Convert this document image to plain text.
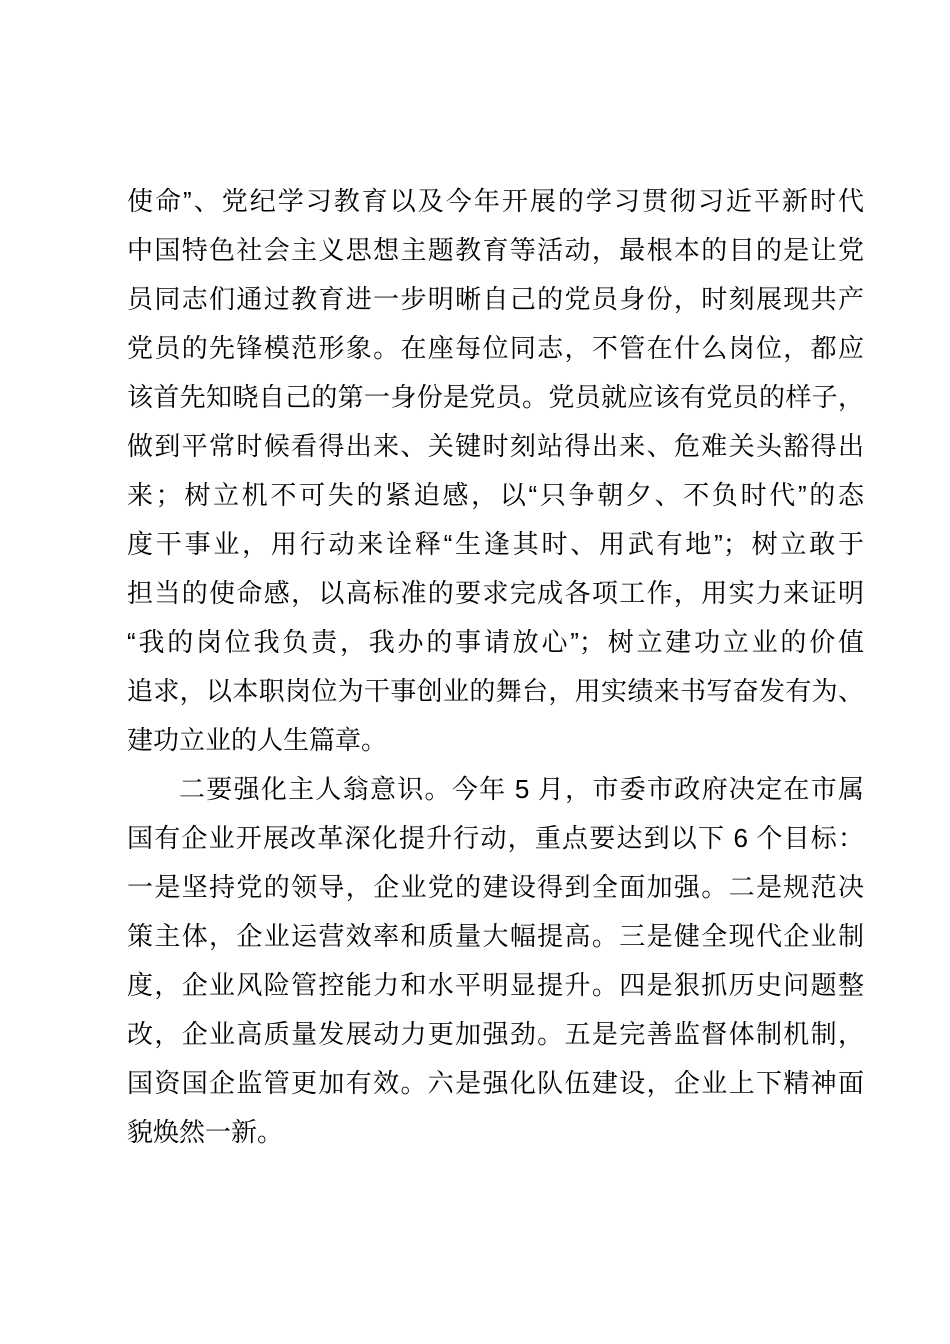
使命”、党纪学习教育以及今年开展的学习贯彻习近平新时代
中国特色社会主义思想主题教育等活动，最根本的目的是让党
员同志们通过教育进一步明晰自己的党员身份，时刻展现共产
党员的先锋模范形象。在座每位同志，不管在什么岗位，都应
该首先知晓自己的第一身份是党员。党员就应该有党员的样子，
做到平常时候看得出来、关键时刻站得出来、危难关头豁得出
来；树立机不可失的紧迫感，以“只争朝夕、不负时代”的态
度干事业，用行动来诠释“生逢其时、用武有地”；树立敢于
担当的使命感，以高标准的要求完成各项工作，用实力来证明
“我的岗位我负责，我办的事请放心”；树立建功立业的价值
追求，以本职岗位为干事创业的舞台，用实绩来书写奋发有为、
建功立业的人生篇章。
二要强化主人翁意识。今年 5 月，市委市政府决定在市属
国有企业开展改革深化提升行动，重点要达到以下 6 个目标：
一是坚持党的领导，企业党的建设得到全面加强。二是规范决
策主体，企业运营效率和质量大幅提高。三是健全现代企业制
度，企业风险管控能力和水平明显提升。四是狠抓历史问题整
改，企业高质量发展动力更加强劲。五是完善监督体制机制，
国资国企监管更加有效。六是强化队伍建设，企业上下精神面
貌焕然一新。
